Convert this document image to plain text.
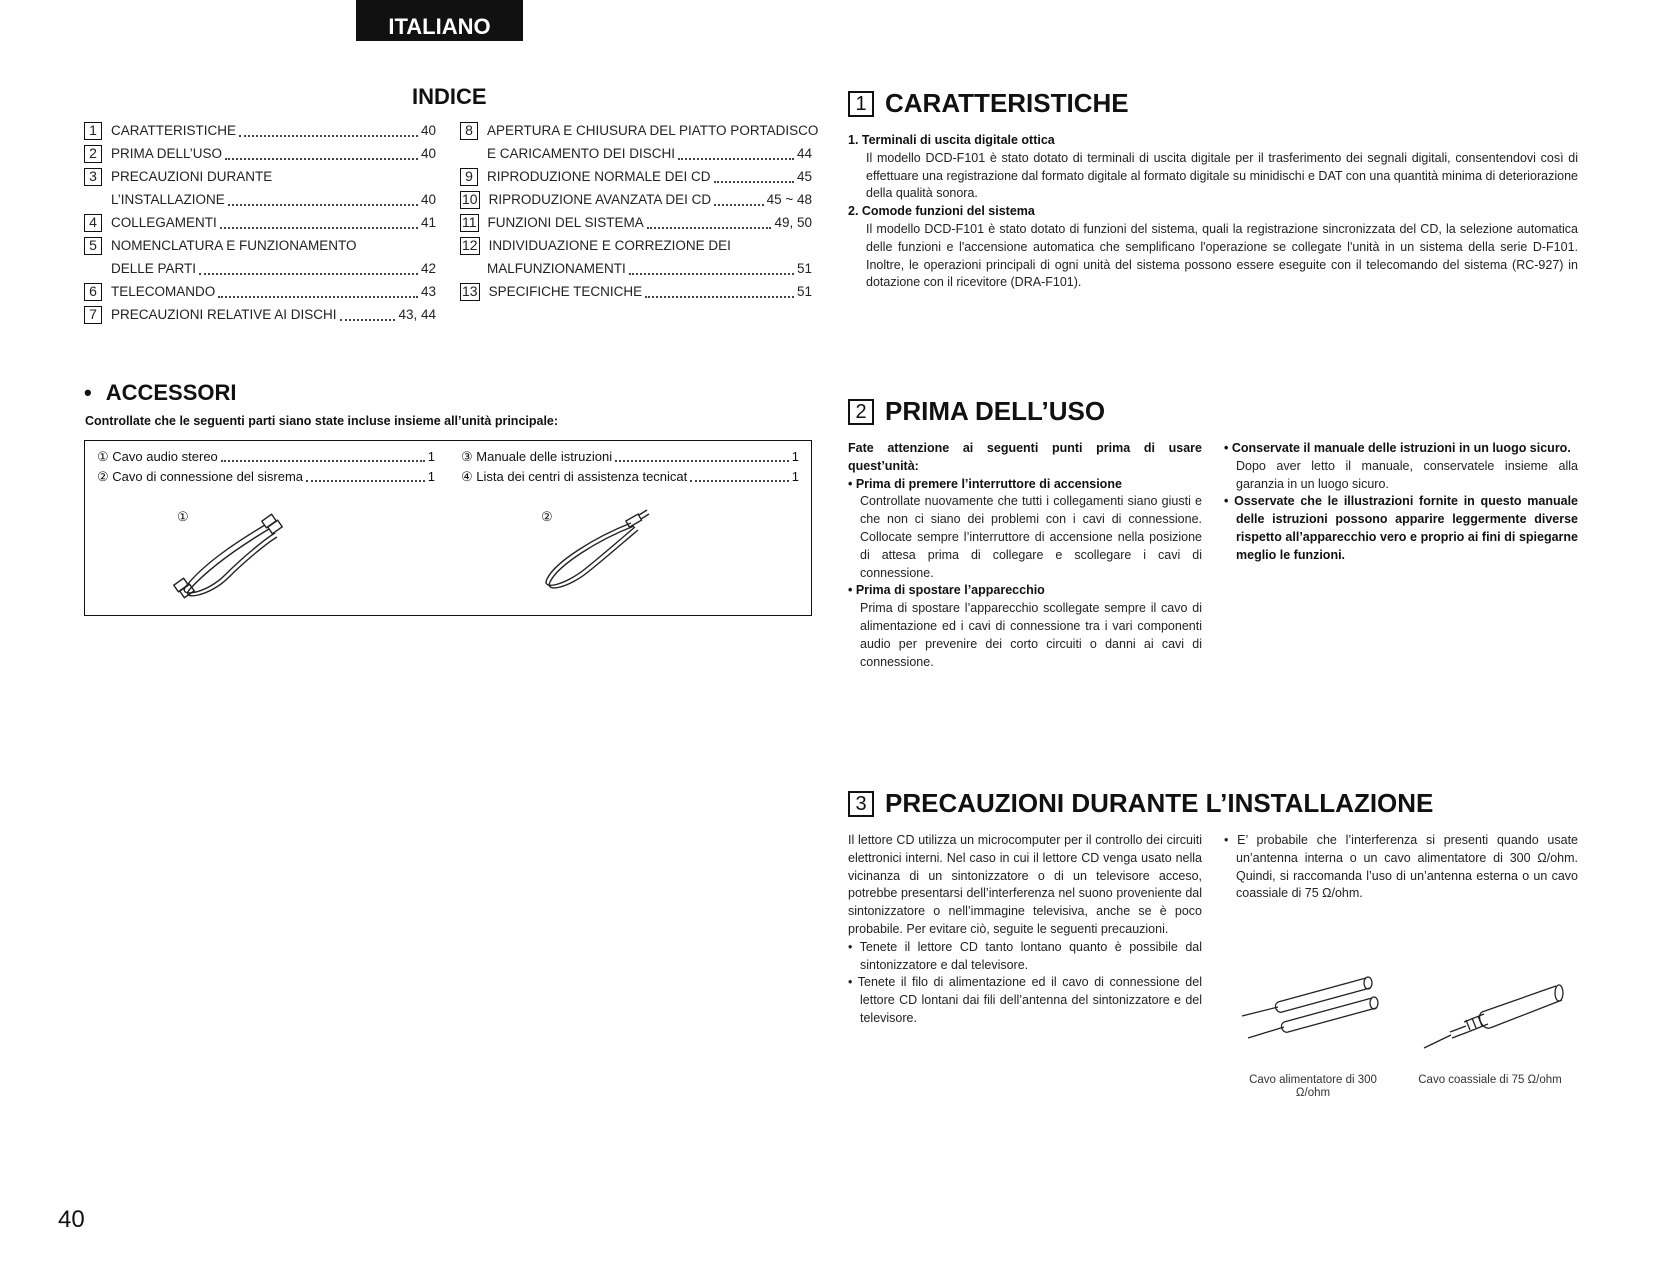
ITALIANO
INDICE
1	CARATTERISTICHE	40
2	PRIMA DELL’USO	40
3	PRECAUZIONI DURANTE
L’INSTALLAZIONE	40
4	COLLEGAMENTI	41
5	NOMENCLATURA E FUNZIONAMENTO
DELLE PARTI	42
6	TELECOMANDO	43
7	PRECAUZIONI RELATIVE AI DISCHI	43, 44
8	APERTURA E CHIUSURA DEL PIATTO PORTADISCO
E CARICAMENTO DEI DISCHI	44
9	RIPRODUZIONE NORMALE DEI CD	45
10 RIPRODUZIONE AVANZATA DEI CD	45 ~ 48
11 FUNZIONI DEL SISTEMA	49, 50
12 INDIVIDUAZIONE E CORREZIONE DEI
MALFUNZIONAMENTI	51
13 SPECIFICHE TECNICHE	51
• ACCESSORI
Controllate che le seguenti parti siano state incluse insieme all’unità principale:
① Cavo audio stereo	1
② Cavo di connessione del sisrema	1
③ Manuale delle istruzioni	1
④ Lista dei centri di assistenza tecnicat	1
①	②
1 CARATTERISTICHE
1. Terminali di uscita digitale ottica
Il modello DCD-F101 è stato dotato di terminali di uscita digitale per il trasferimento dei segnali digitali, consentendovi così di effettuare una registrazione dal formato digitale al formato digitale su minidischi e DAT con una quantità minima di deteriorazione della qualità sonora.
2. Comode funzioni del sistema
Il modello DCD-F101 è stato dotato di funzioni del sistema, quali la registrazione sincronizzata del CD, la selezione automatica delle funzioni e l'accensione automatica che semplificano l'operazione se collegate l'unità in un sistema della serie D-F101. Inoltre, le operazioni principali di ogni unità del sistema possono essere eseguite con il telecomando del sistema (RC-927) in dotazione con il ricevitore (DRA-F101).
2 PRIMA DELL’USO
Fate attenzione ai seguenti punti prima di usare quest’unità:
• Prima di premere l’interruttore di accensione
Controllate nuovamente che tutti i collegamenti siano giusti e che non ci siano dei problemi con i cavi di connessione. Collocate sempre l’interruttore di accensione nella posizione di attesa prima di collegare e scollegare i cavi di connessione.
• Prima di spostare l’apparecchio
Prima di spostare l’apparecchio scollegate sempre il cavo di alimentazione ed i cavi di connessione tra i vari componenti audio per prevenire dei corto circuiti o danni ai cavi di connessione.
• Conservate il manuale delle istruzioni in un luogo sicuro.
Dopo aver letto il manuale, conservatele insieme alla garanzia in un luogo sicuro.
• Osservate che le illustrazioni fornite in questo manuale delle istruzioni possono apparire leggermente diverse rispetto all’apparecchio vero e proprio ai fini di spiegarne meglio le funzioni.
3 PRECAUZIONI DURANTE L’INSTALLAZIONE
Il lettore CD utilizza un microcomputer per il controllo dei circuiti elettronici interni. Nel caso in cui il lettore CD venga usato nella vicinanza di un sintonizzatore o di un televisore acceso, potrebbe presentarsi dell’interferenza nel suono proveniente dal sintonizzatore o nell’immagine televisiva, anche se è poco probabile. Per evitare ciò, seguite le seguenti precauzioni.
• Tenete il lettore CD tanto lontano quanto è possibile dal sintonizzatore e dal televisore.
• Tenete il filo di alimentazione ed il cavo di connessione del lettore CD lontani dai fili dell’antenna del sintonizzatore e del televisore.
• E’ probabile che l’interferenza si presenti quando usate un’antenna interna o un cavo alimentatore di 300 Ω/ohm. Quindi, si raccomanda l’uso di un’antenna esterna o un cavo coassiale di 75 Ω/ohm.
Cavo alimentatore di 300 Ω/ohm
Cavo coassiale di 75 Ω/ohm
40
